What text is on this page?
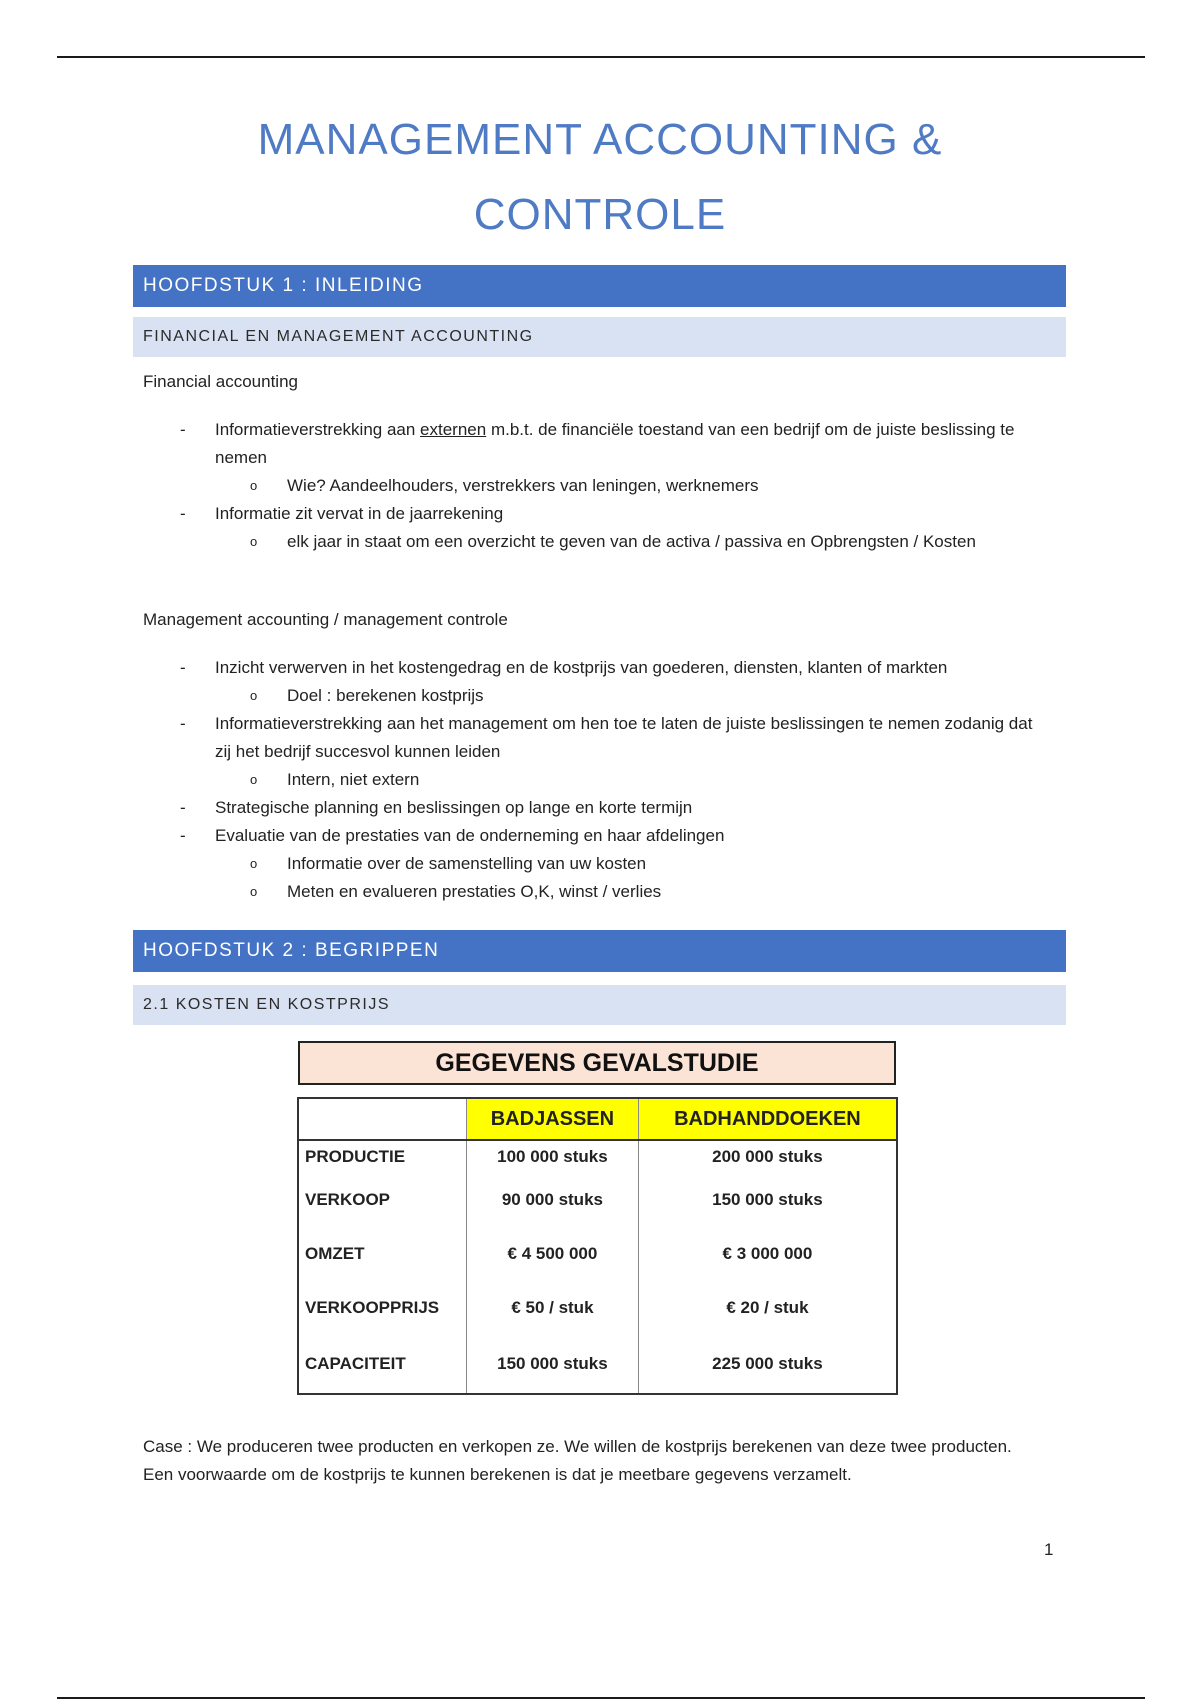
MANAGEMENT ACCOUNTING &
CONTROLE
HOOFDSTUK 1 : INLEIDING
FINANCIAL EN MANAGEMENT ACCOUNTING
Financial accounting
- Informatieverstrekking aan externen m.b.t. de financiële toestand van een bedrijf om de juiste beslissing te nemen
o Wie? Aandeelhouders, verstrekkers van leningen, werknemers
- Informatie zit vervat in de jaarrekening
o elk jaar in staat om een overzicht te geven van de activa / passiva en Opbrengsten / Kosten
Management accounting / management controle
- Inzicht verwerven in het kostengedrag en de kostprijs van goederen, diensten, klanten of markten
o Doel : berekenen kostprijs
- Informatieverstrekking aan het management om hen toe te laten de juiste beslissingen te nemen zodanig dat zij het bedrijf succesvol kunnen leiden
o Intern, niet extern
- Strategische planning en beslissingen op lange en korte termijn
- Evaluatie van de prestaties van de onderneming en haar afdelingen
o Informatie over de samenstelling van uw kosten
o Meten en evalueren prestaties O,K, winst / verlies
HOOFDSTUK 2 : BEGRIPPEN
2.1 KOSTEN EN KOSTPRIJS
GEGEVENS GEVALSTUDIE
	BADJASSEN	BADHANDDOEKEN
PRODUCTIE	100 000 stuks	200 000 stuks
VERKOOP	90 000 stuks	150 000 stuks
OMZET	€ 4 500 000	€ 3 000 000
VERKOOPPRIJS	€ 50 / stuk	€ 20 / stuk
CAPACITEIT	150 000 stuks	225 000 stuks
Case : We produceren twee producten en verkopen ze. We willen de kostprijs berekenen van deze twee producten. Een voorwaarde om de kostprijs te kunnen berekenen is dat je meetbare gegevens verzamelt.
1
